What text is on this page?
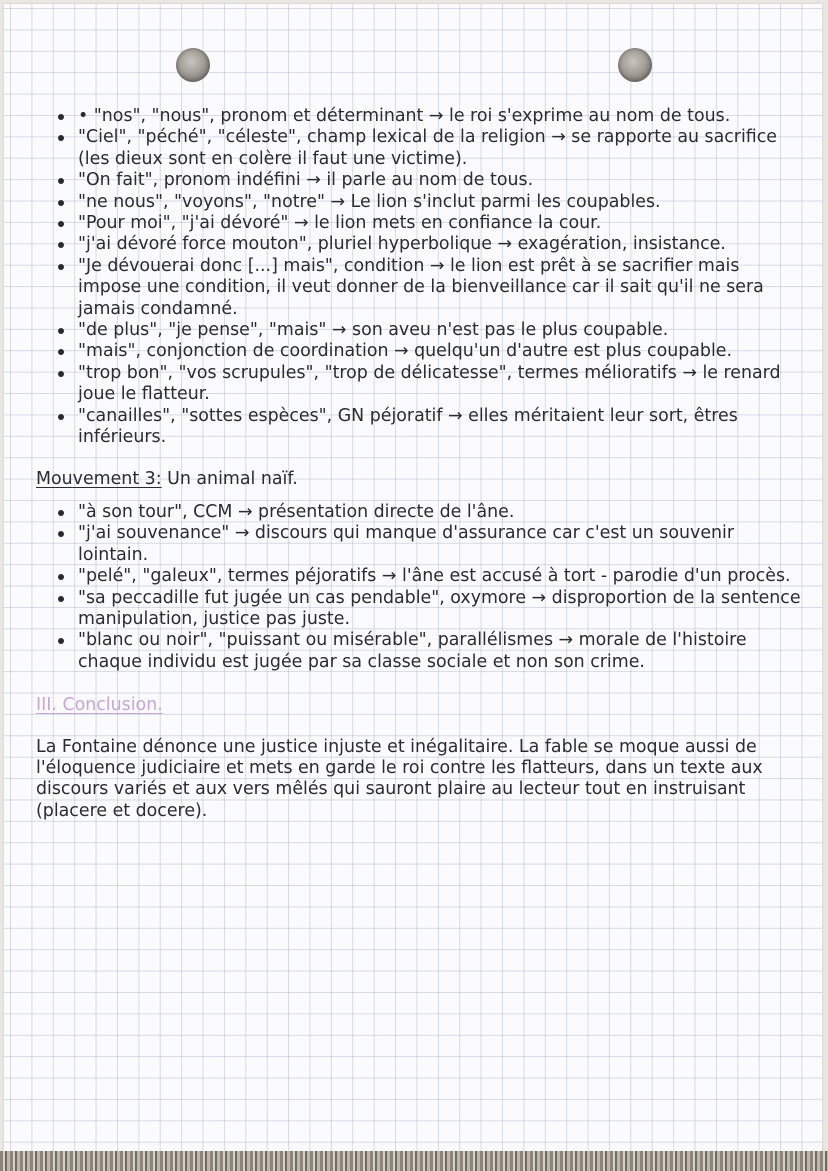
• "nos", "nous", pronom et déterminant → le roi s'exprime au nom de tous.
"Ciel", "péché", "céleste", champ lexical de la religion → se rapporte au sacrifice (les dieux sont en colère il faut une victime).
"On fait", pronom indéfini → il parle au nom de tous.
"ne nous", "voyons", "notre" → Le lion s'inclut parmi les coupables.
"Pour moi", "j'ai dévoré" → le lion mets en confiance la cour.
"j'ai dévoré force mouton", pluriel hyperbolique → exagération, insistance.
"Je dévouerai donc [...] mais", condition → le lion est prêt à se sacrifier mais impose une condition, il veut donner de la bienveillance car il sait qu'il ne sera jamais condamné.
"de plus", "je pense", "mais" → son aveu n'est pas le plus coupable.
"mais", conjonction de coordination → quelqu'un d'autre est plus coupable.
"trop bon", "vos scrupules", "trop de délicatesse", termes mélioratifs → le renard joue le flatteur.
"canailles", "sottes espèces", GN péjoratif → elles méritaient leur sort, êtres inférieurs.
Mouvement 3: Un animal naïf.
"à son tour", CCM → présentation directe de l'âne.
"j'ai souvenance" → discours qui manque d'assurance car c'est un souvenir lointain.
"pelé", "galeux", termes péjoratifs → l'âne est accusé à tort - parodie d'un procès.
"sa peccadille fut jugée un cas pendable", oxymore → disproportion de la sentence manipulation, justice pas juste.
"blanc ou noir", "puissant ou misérable", parallélismes → morale de l'histoire chaque individu est jugée par sa classe sociale et non son crime.
III. Conclusion.
La Fontaine dénonce une justice injuste et inégalitaire. La fable se moque aussi de l'éloquence judiciaire et mets en garde le roi contre les flatteurs, dans un texte aux discours variés et aux vers mêlés qui sauront plaire au lecteur tout en instruisant (placere et docere).
